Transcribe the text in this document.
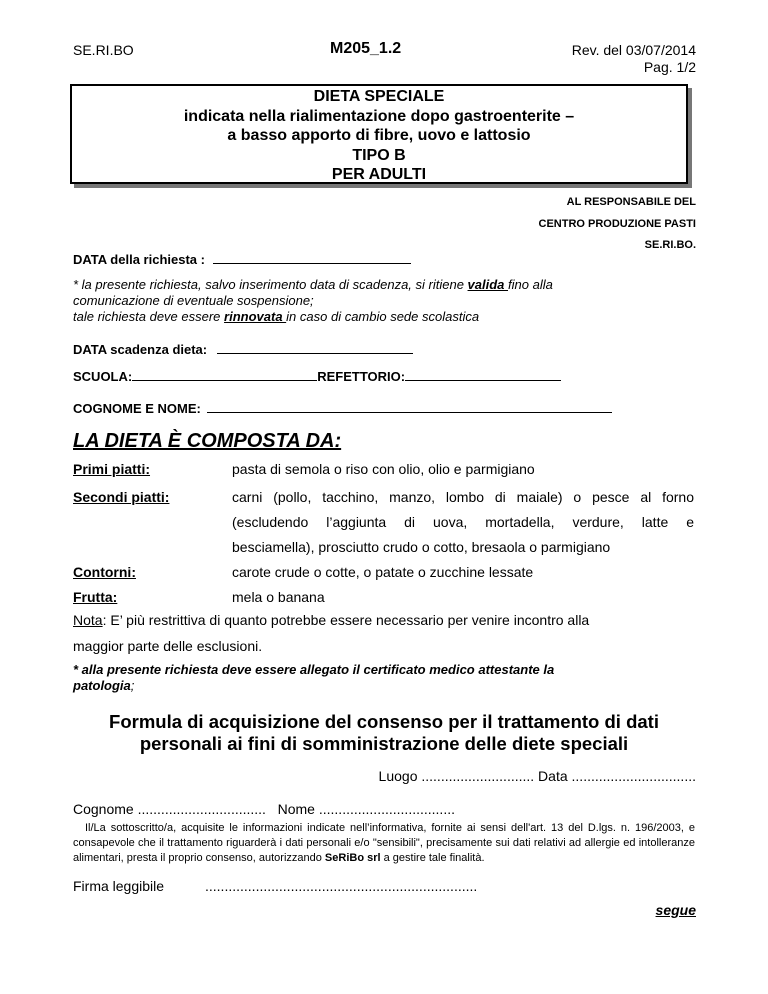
SE.RI.BO	M205_1.2	Rev. del 03/07/2014
Pag. 1/2
DIETA SPECIALE
indicata nella rialimentazione dopo gastroenterite –
a basso apporto di fibre, uovo e lattosio
TIPO B
PER ADULTI
AL RESPONSABILE DEL
CENTRO PRODUZIONE PASTI
SE.RI.BO.
DATA della richiesta :
* la presente richiesta, salvo inserimento data di scadenza, si ritiene valida fino alla
comunicazione di eventuale sospensione;
tale richiesta deve essere rinnovata in caso di cambio sede scolastica
DATA scadenza dieta:
SCUOLA:	REFETTORIO:
COGNOME E NOME:
LA DIETA È COMPOSTA DA:
Primi piatti:	pasta di semola o riso con olio, olio e parmigiano
Secondi piatti:	carni (pollo, tacchino, manzo, lombo di maiale) o pesce al forno
(escludendo l’aggiunta di uova, mortadella, verdure, latte e
besciamella), prosciutto crudo o cotto, bresaola o parmigiano
Contorni:	carote crude o cotte, o patate o zucchine lessate
Frutta:	mela o banana
Nota: E’ più restrittiva di quanto potrebbe essere necessario per venire incontro alla
maggior parte delle esclusioni.
* alla presente richiesta deve essere allegato il certificato medico attestante la
patologia;
Formula di acquisizione del consenso per il trattamento di dati
personali ai fini di somministrazione delle diete speciali
Luogo ............................. Data ................................
Cognome .................................   Nome ...................................
Il/La sottoscritto/a, acquisite le informazioni indicate nell’informativa, fornite ai sensi dell'art. 13 del D.lgs. n. 196/2003, e consapevole che il trattamento riguarderà i dati personali e/o "sensibili", precisamente sui dati relativi ad allergie ed intolleranze alimentari, presta il proprio consenso, autorizzando SeRiBo srl a gestire tale finalità.
Firma leggibile	......................................................................
segue
